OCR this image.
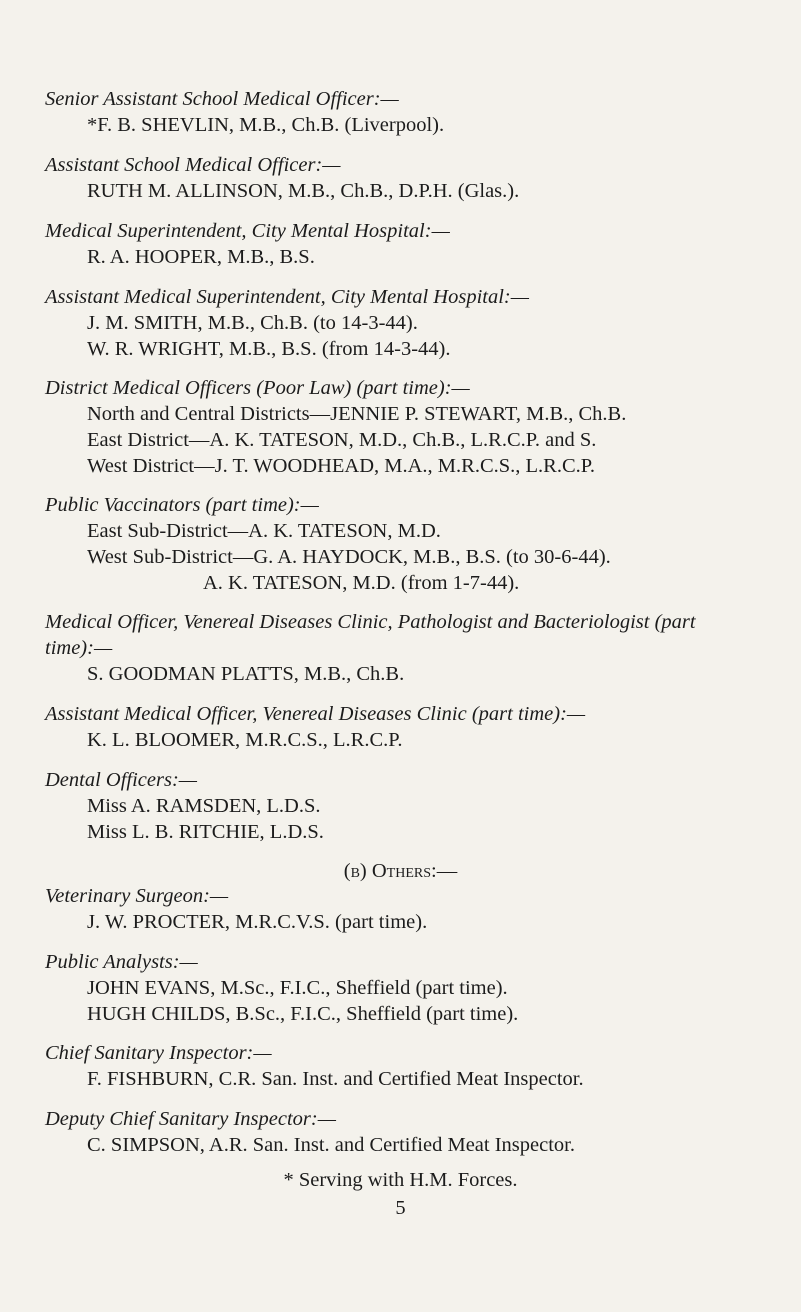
Senior Assistant School Medical Officer:—
*F. B. SHEVLIN, M.B., Ch.B. (Liverpool).
Assistant School Medical Officer:—
RUTH M. ALLINSON, M.B., Ch.B., D.P.H. (Glas.).
Medical Superintendent, City Mental Hospital:—
R. A. HOOPER, M.B., B.S.
Assistant Medical Superintendent, City Mental Hospital:—
J. M. SMITH, M.B., Ch.B. (to 14-3-44).
W. R. WRIGHT, M.B., B.S. (from 14-3-44).
District Medical Officers (Poor Law) (part time):—
North and Central Districts—JENNIE P. STEWART, M.B., Ch.B.
East District—A. K. TATESON, M.D., Ch.B., L.R.C.P. and S.
West District—J. T. WOODHEAD, M.A., M.R.C.S., L.R.C.P.
Public Vaccinators (part time):—
East Sub-District—A. K. TATESON, M.D.
West Sub-District—G. A. HAYDOCK, M.B., B.S. (to 30-6-44).
A. K. TATESON, M.D. (from 1-7-44).
Medical Officer, Venereal Diseases Clinic, Pathologist and Bacteriologist (part
time):—
S. GOODMAN PLATTS, M.B., Ch.B.
Assistant Medical Officer, Venereal Diseases Clinic (part time):—
K. L. BLOOMER, M.R.C.S., L.R.C.P.
Dental Officers:—
Miss A. RAMSDEN, L.D.S.
Miss L. B. RITCHIE, L.D.S.
(b) Others:—
Veterinary Surgeon:—
J. W. PROCTER, M.R.C.V.S. (part time).
Public Analysts:—
JOHN EVANS, M.Sc., F.I.C., Sheffield (part time).
HUGH CHILDS, B.Sc., F.I.C., Sheffield (part time).
Chief Sanitary Inspector:—
F. FISHBURN, C.R. San. Inst. and Certified Meat Inspector.
Deputy Chief Sanitary Inspector:—
C. SIMPSON, A.R. San. Inst. and Certified Meat Inspector.
* Serving with H.M. Forces.
5
